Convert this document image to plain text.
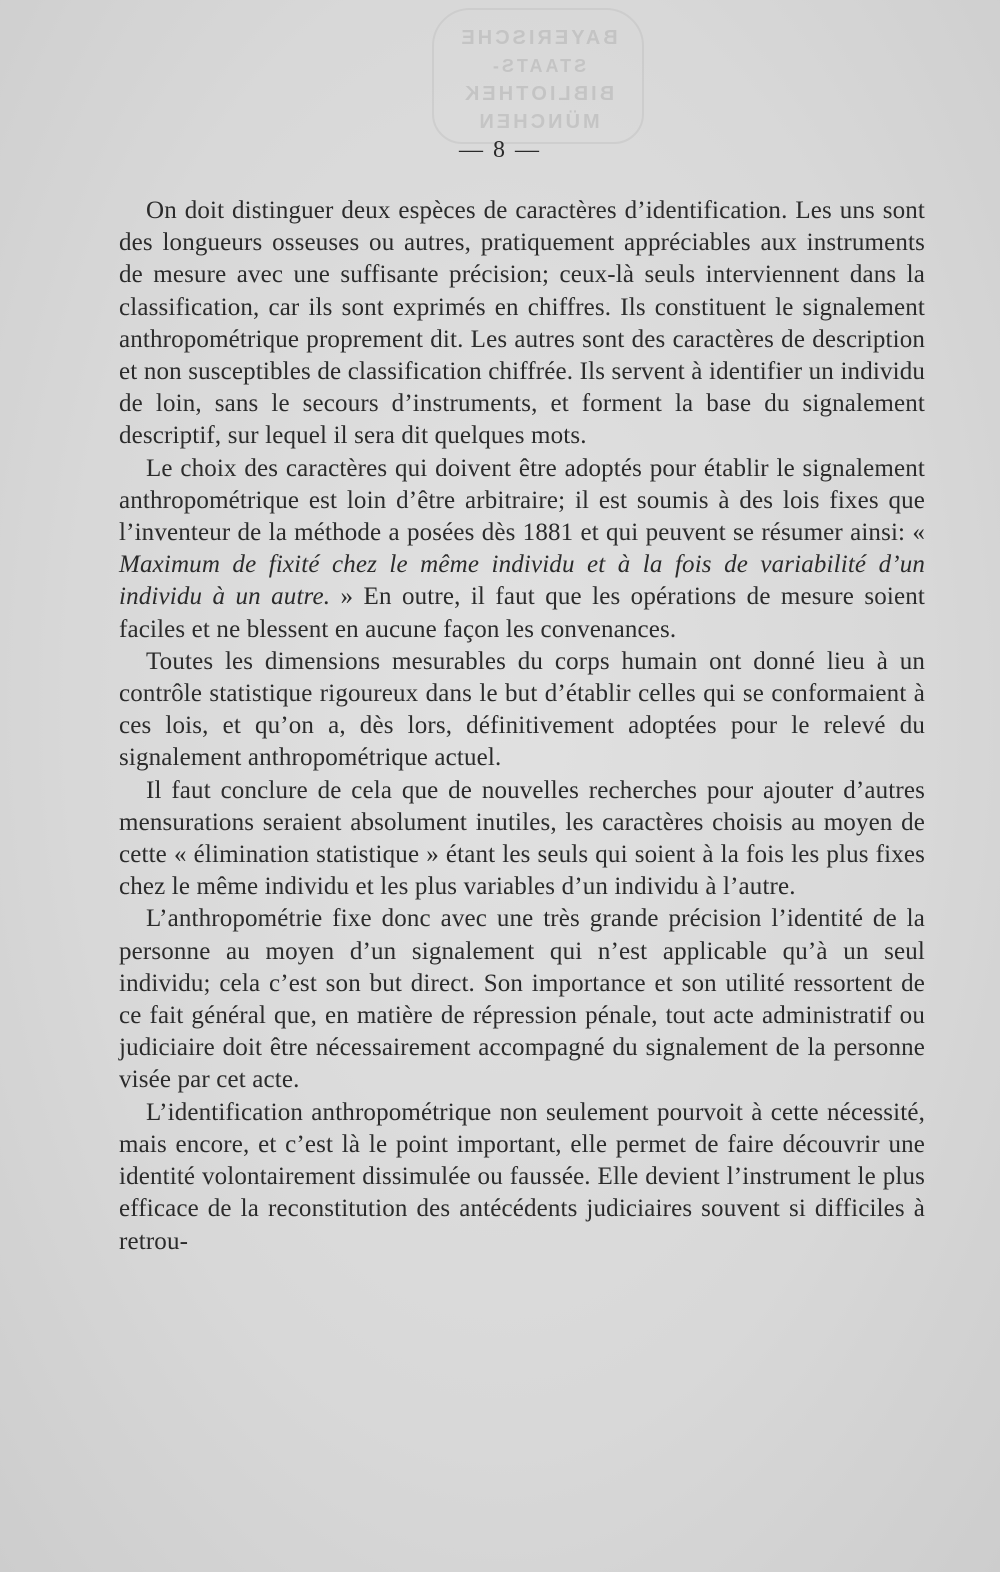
BAYERISCHE
STAATS-
BIBLIOTHEK
MÜNCHEN
— 8 —

On doit distinguer deux espèces de caractères d’identification. Les uns sont des longueurs osseuses ou autres, pratiquement appréciables aux instruments de mesure avec une suffisante précision; ceux-là seuls interviennent dans la classification, car ils sont exprimés en chiffres. Ils constituent le signalement anthropométrique proprement dit. Les autres sont des caractères de description et non susceptibles de classification chiffrée. Ils servent à identifier un individu de loin, sans le secours d’instruments, et forment la base du signalement descriptif, sur lequel il sera dit quelques mots.

Le choix des caractères qui doivent être adoptés pour établir le signalement anthropométrique est loin d’être arbitraire; il est soumis à des lois fixes que l’inventeur de la méthode a posées dès 1881 et qui peuvent se résumer ainsi: « Maximum de fixité chez le même individu et à la fois de variabilité d’un individu à un autre. » En outre, il faut que les opérations de mesure soient faciles et ne blessent en aucune façon les convenances.

Toutes les dimensions mesurables du corps humain ont donné lieu à un contrôle statistique rigoureux dans le but d’établir celles qui se conformaient à ces lois, et qu’on a, dès lors, définitivement adoptées pour le relevé du signalement anthropométrique actuel.

Il faut conclure de cela que de nouvelles recherches pour ajouter d’autres mensurations seraient absolument inutiles, les caractères choisis au moyen de cette « élimination statistique » étant les seuls qui soient à la fois les plus fixes chez le même individu et les plus variables d’un individu à l’autre.

L’anthropométrie fixe donc avec une très grande précision l’identité de la personne au moyen d’un signalement qui n’est applicable qu’à un seul individu; cela c’est son but direct. Son importance et son utilité ressortent de ce fait général que, en matière de répression pénale, tout acte administratif ou judiciaire doit être nécessairement accompagné du signalement de la personne visée par cet acte.

L’identification anthropométrique non seulement pourvoit à cette nécessité, mais encore, et c’est là le point important, elle permet de faire découvrir une identité volontairement dissimulée ou faussée. Elle devient l’instrument le plus efficace de la reconstitution des antécédents judiciaires souvent si difficiles à retrou-
